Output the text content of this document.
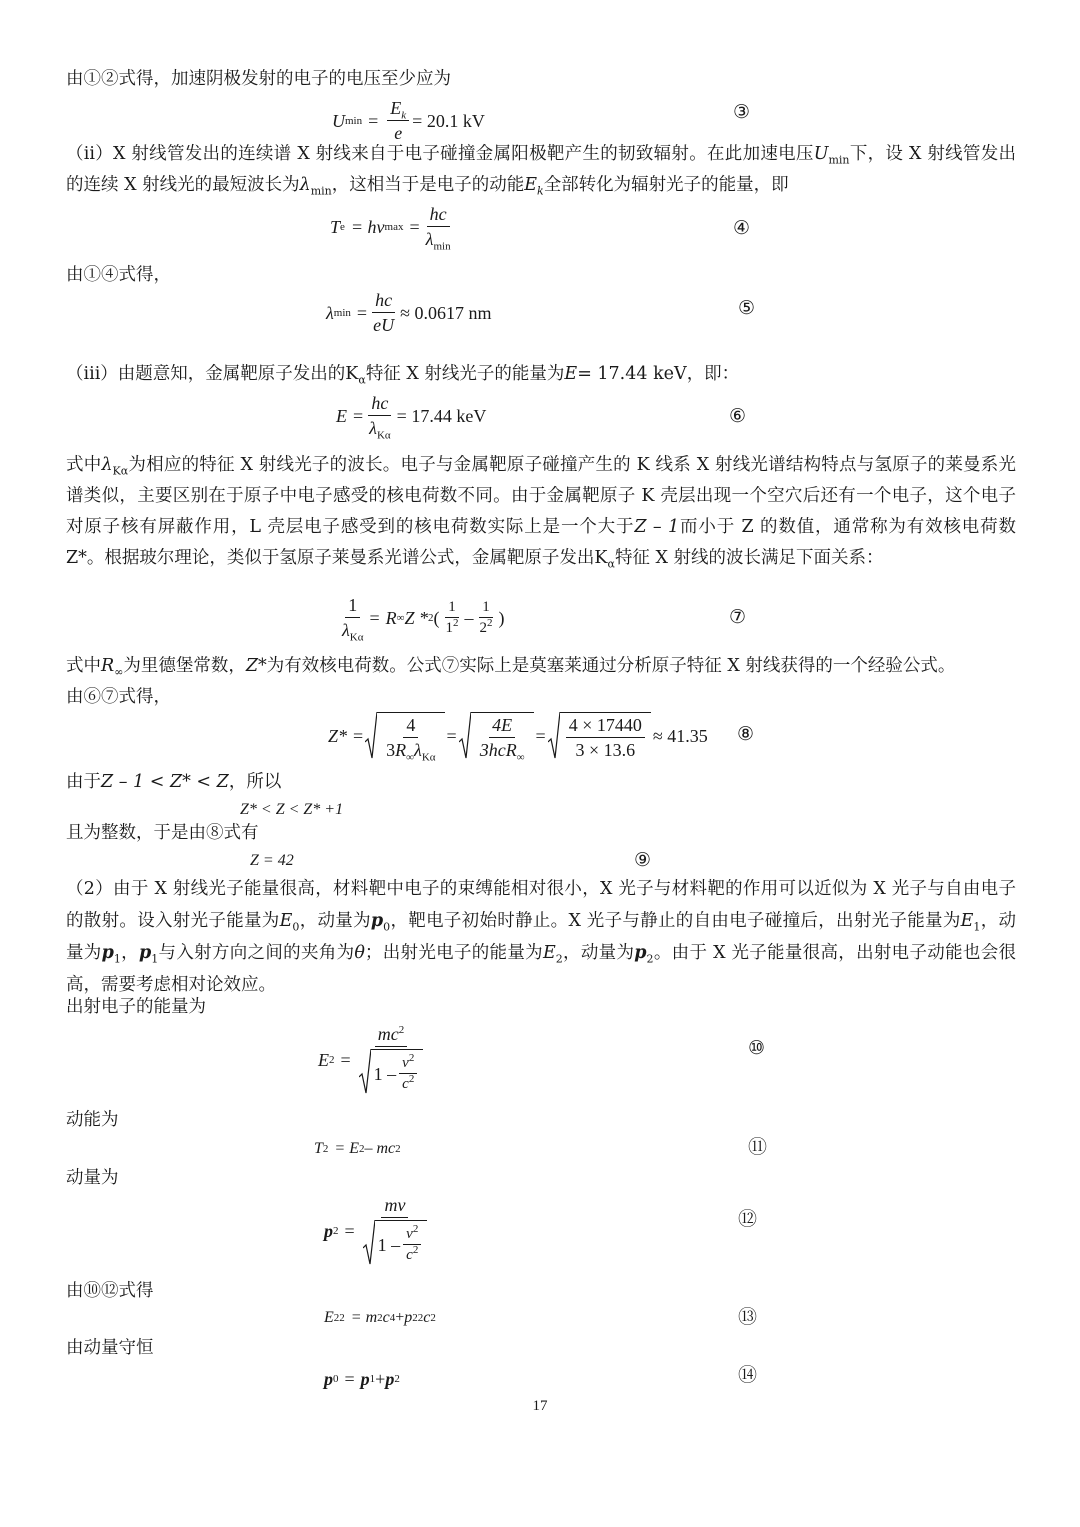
由①②式得，加速阴极发射的电子的电压至少应为
U $\min = \frac{E_k}{e} = 20.1$ kV	③
（ii）X 射线管发出的连续谱 X 射线来自于电子碰撞金属阳极靶产生的韧致辐射。在此加速电压$U_{min}$下，设 X 射线管发出的连续 X 射线光的最短波长为$\lambda_{min}$，这相当于是电子的动能$E_k$全部转化为辐射光子的能量，即
T e = hν $\max = \frac{hc}{\lambda_{min}}$	④
由①④式得，
λ $\min = \frac{hc}{eU} \approx 0.0617$ nm	⑤
（iii）由题意知，金属靶原子发出的$K_\alpha$特征 X 射线光子的能量为E= 17.44 keV，即：
$E = \frac{hc}{\lambda_{K\alpha}} = 17.44$ keV	⑥
式中$\lambda_{K\alpha}$为相应的特征 X 射线光子的波长。电子与金属靶原子碰撞产生的 K 线系 X 射线光谱结构特点与氢原子的莱曼系光谱类似，主要区别在于原子中电子感受的核电荷数不同。由于金属靶原子 K 壳层出现一个空穴后还有一个电子，这个电子对原子核有屏蔽作用，L 壳层电子感受到的核电荷数实际上是一个大于Z – 1而小于 Z 的数值，通常称为有效核电荷数 Z*。根据玻尔理论，类似于氢原子莱曼系光谱公式，金属靶原子发出$K_\alpha$特征 X 射线的波长满足下面关系：
$\frac{1}{\lambda_{K\alpha}} = R$ ∞ Z * 2 ( $\frac{1}{1^2} - \frac{1}{2^2}$ )	⑦
式中$R_\infty$为里德堡常数，Z*为有效核电荷数。公式⑦实际上是莫塞莱通过分析原子特征 X 射线获得的一个经验公式。
由⑥⑦式得，
$Z* = \frac{4}{3R_\infty\lambda_{K\alpha}} = \frac{4E}{3hcR_\infty} = \frac{4 \times 17440}{3 \times 13.6} \approx 41.35$ ⑧
由于Z – 1 < Z* < Z，所以
Z* < Z < Z* +1
且为整数，于是由⑧式有
Z = 42	⑨
（2）由于 X 射线光子能量很高，材料靶中电子的束缚能相对很小，X 光子与材料靶的作用可以近似为 X 光子与自由电子的散射。设入射光子能量为$E_0$，动量为$p_0$，靶电子初始时静止。X 光子与静止的自由电子碰撞后，出射光子能量为$E_1$，动量为$p_1$，$p_1$与入射方向之间的夹角为θ；出射光电子的能量为$E_2$，动量为$p_2$。由于 X 光子能量很高，出射电子动能也会很高，需要考虑相对论效应。
出射电子的能量为
E $2 = \frac{mc^2}{1 - \frac{v^2}{c^2}}$	⑩
动能为
T 2 = E 2 – mc 2	⑪
动量为
p $2 = \frac{mv}{1 - \frac{v^2}{c^2}}$	⑫
由⑩⑫式得
E 2 2 = m 2 c 4 + p 2 2 c 2	⑬
由动量守恒
p 0 = p 1 + p 2	⑭
17
